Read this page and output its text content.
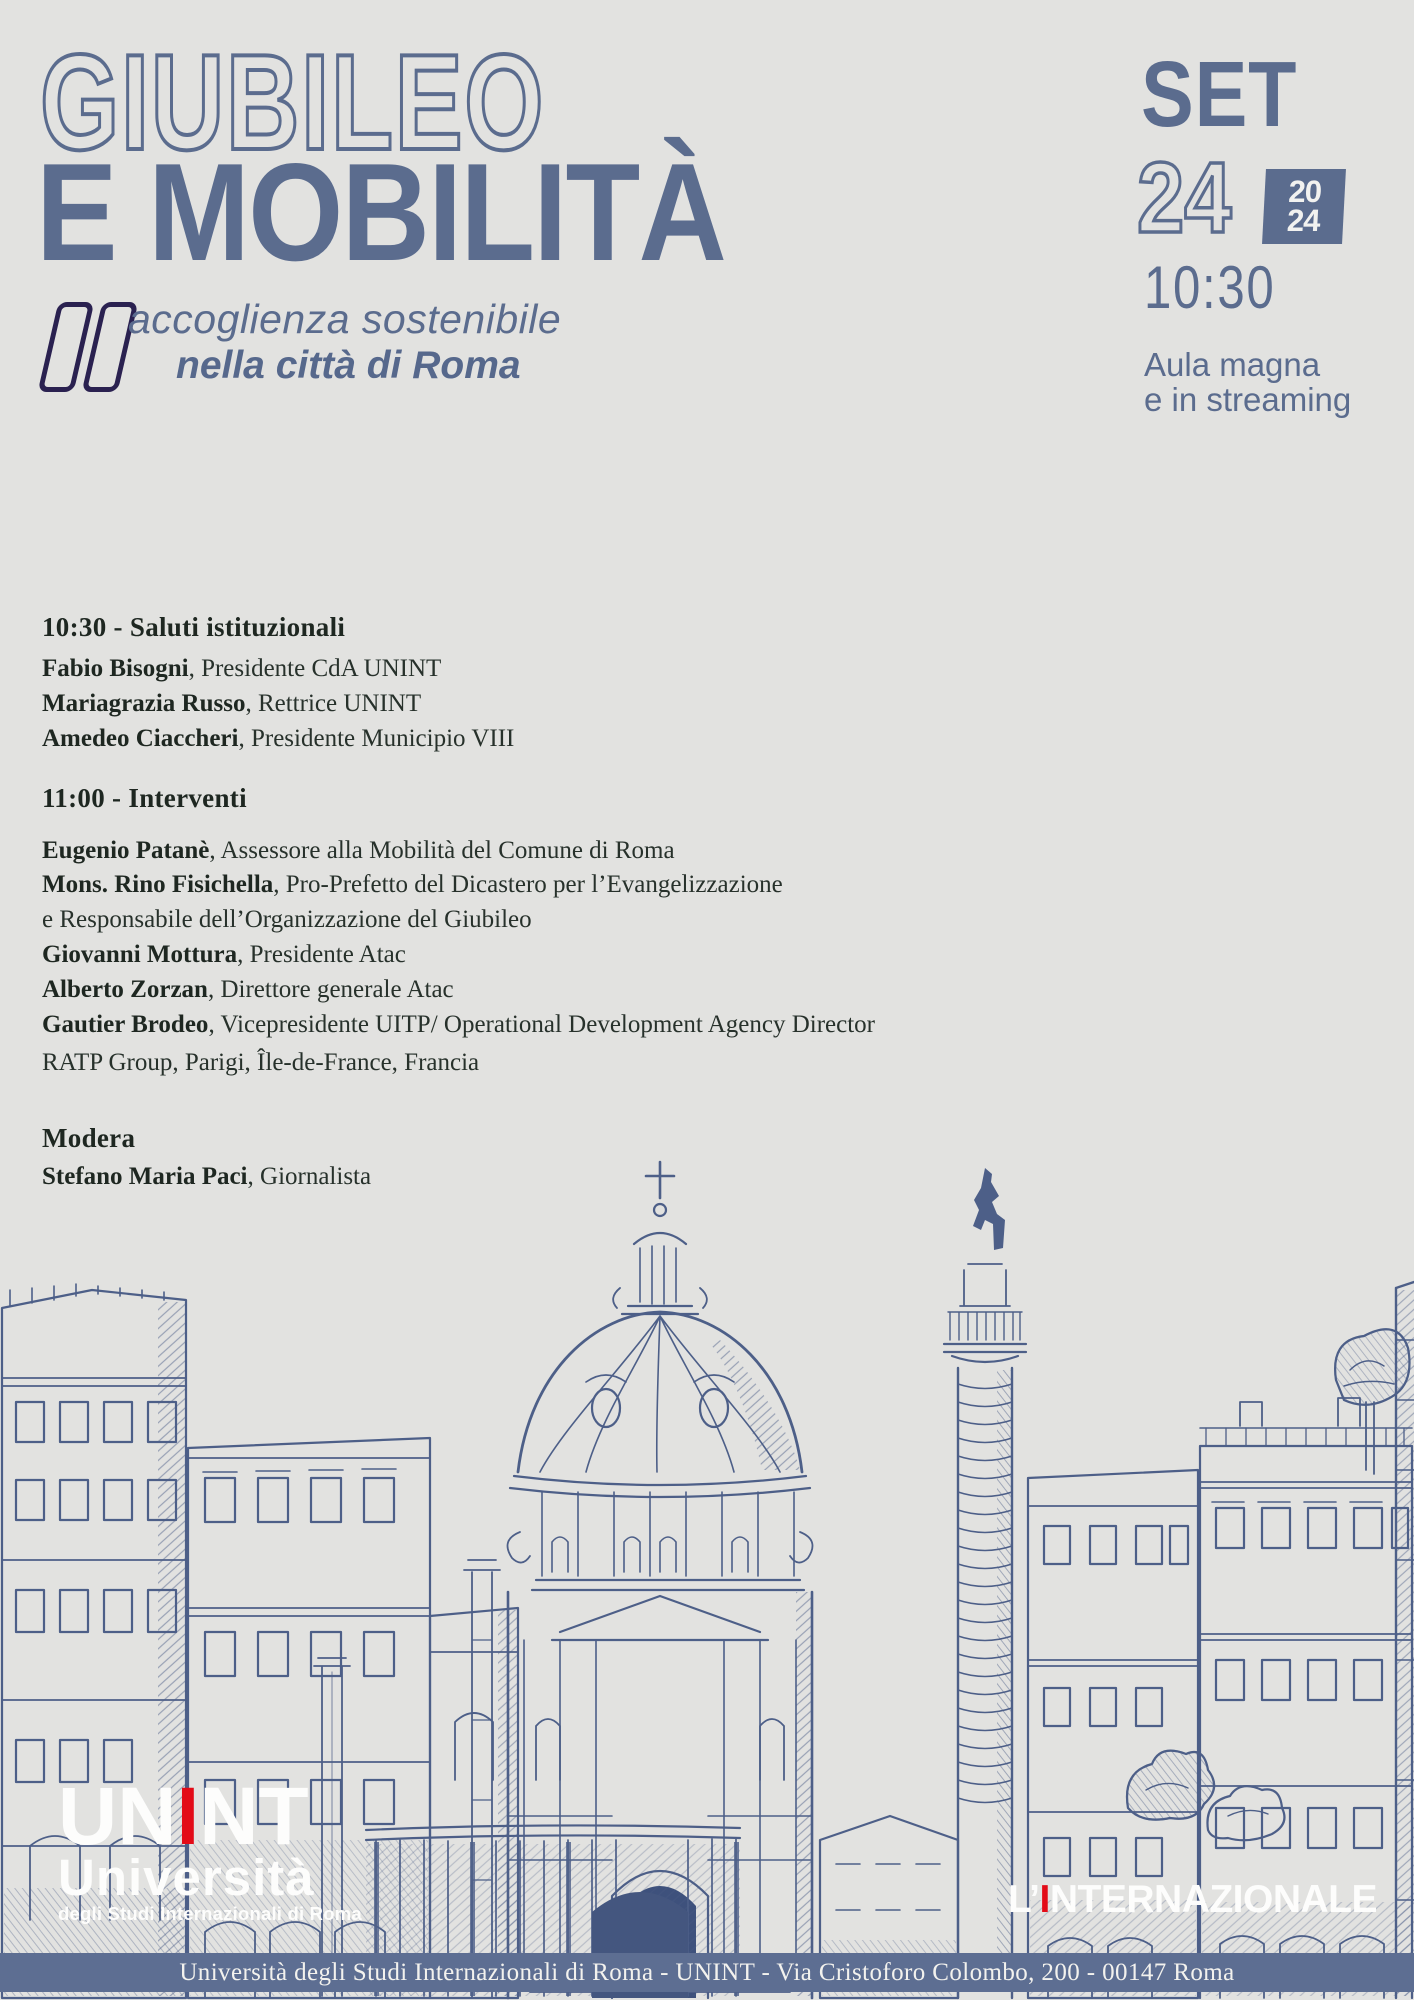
GIUBILEO
E MOBILITÀ
accoglienza sostenibile
nella città di Roma
SET
24 20
24
10:30
Aula magna
e in streaming
10:30 - Saluti istituzionali
Fabio Bisogni, Presidente CdA UNINT
Mariagrazia Russo, Rettrice UNINT
Amedeo Ciaccheri, Presidente Municipio VIII
11:00 - Interventi
Eugenio Patanè, Assessore alla Mobilità del Comune di Roma
Mons. Rino Fisichella, Pro-Prefetto del Dicastero per l’Evangelizzazione
e Responsabile dell’Organizzazione del Giubileo
Giovanni Mottura, Presidente Atac
Alberto Zorzan, Direttore generale Atac
Gautier Brodeo, Vicepresidente UITP/ Operational Development Agency Director
RATP Group, Parigi, Île-de-France, Francia
Modera
Stefano Maria Paci, Giornalista
UNINT
Università
degli Studi Internazionali di Roma	L’INTERNAZIONALE
Università degli Studi Internazionali di Roma - UNINT - Via Cristoforo Colombo, 200 - 00147 Roma
